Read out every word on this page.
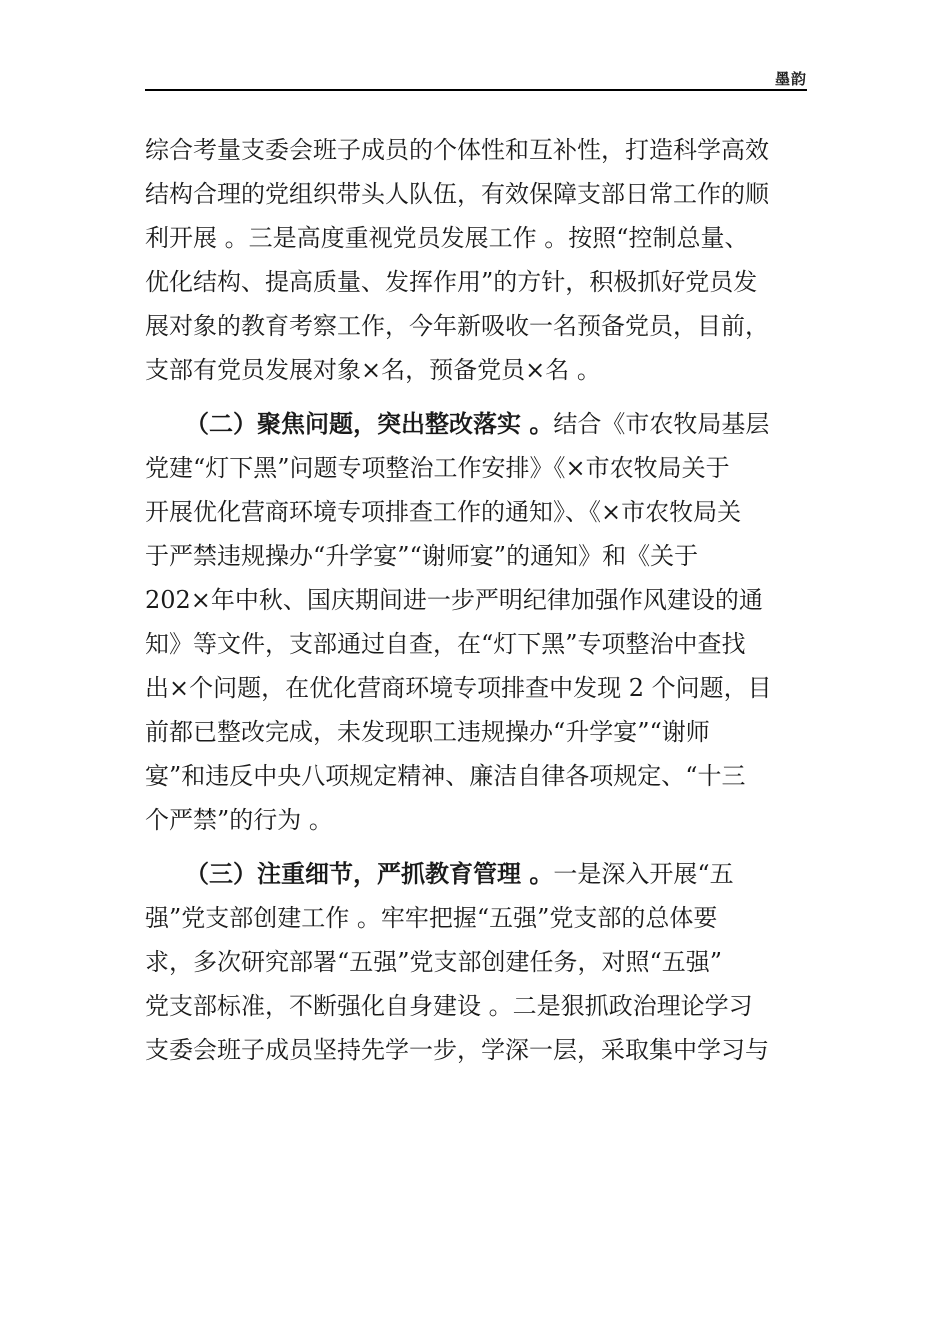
墨韵
综合考量支委会班子成员的个体性和互补性，打造科学高效
结构合理的党组织带头人队伍，有效保障支部日常工作的顺
利开展 。三是高度重视党员发展工作 。按照“控制总量、
优化结构、提高质量、发挥作用”的方针，积极抓好党员发
展对象的教育考察工作，今年新吸收一名预备党员，目前，
支部有党员发展对象×名，预备党员×名 。
（二）聚焦问题，突出整改落实 。结合《市农牧局基层
党建“灯下黑”问题专项整治工作安排》《×市农牧局关于
开展优化营商环境专项排查工作的通知》、《×市农牧局关
于严禁违规操办“升学宴”“谢师宴”的通知》和《关于
202×年中秋、国庆期间进一步严明纪律加强作风建设的通
知》等文件，支部通过自查，在“灯下黑”专项整治中查找
出×个问题，在优化营商环境专项排查中发现 2 个问题，目
前都已整改完成，未发现职工违规操办“升学宴”“谢师
宴”和违反中央八项规定精神、廉洁自律各项规定、“十三
个严禁”的行为 。
（三）注重细节，严抓教育管理 。一是深入开展“五
强”党支部创建工作 。牢牢把握“五强”党支部的总体要
求，多次研究部署“五强”党支部创建任务，对照“五强”
党支部标准，不断强化自身建设 。二是狠抓政治理论学习
支委会班子成员坚持先学一步，学深一层，采取集中学习与
